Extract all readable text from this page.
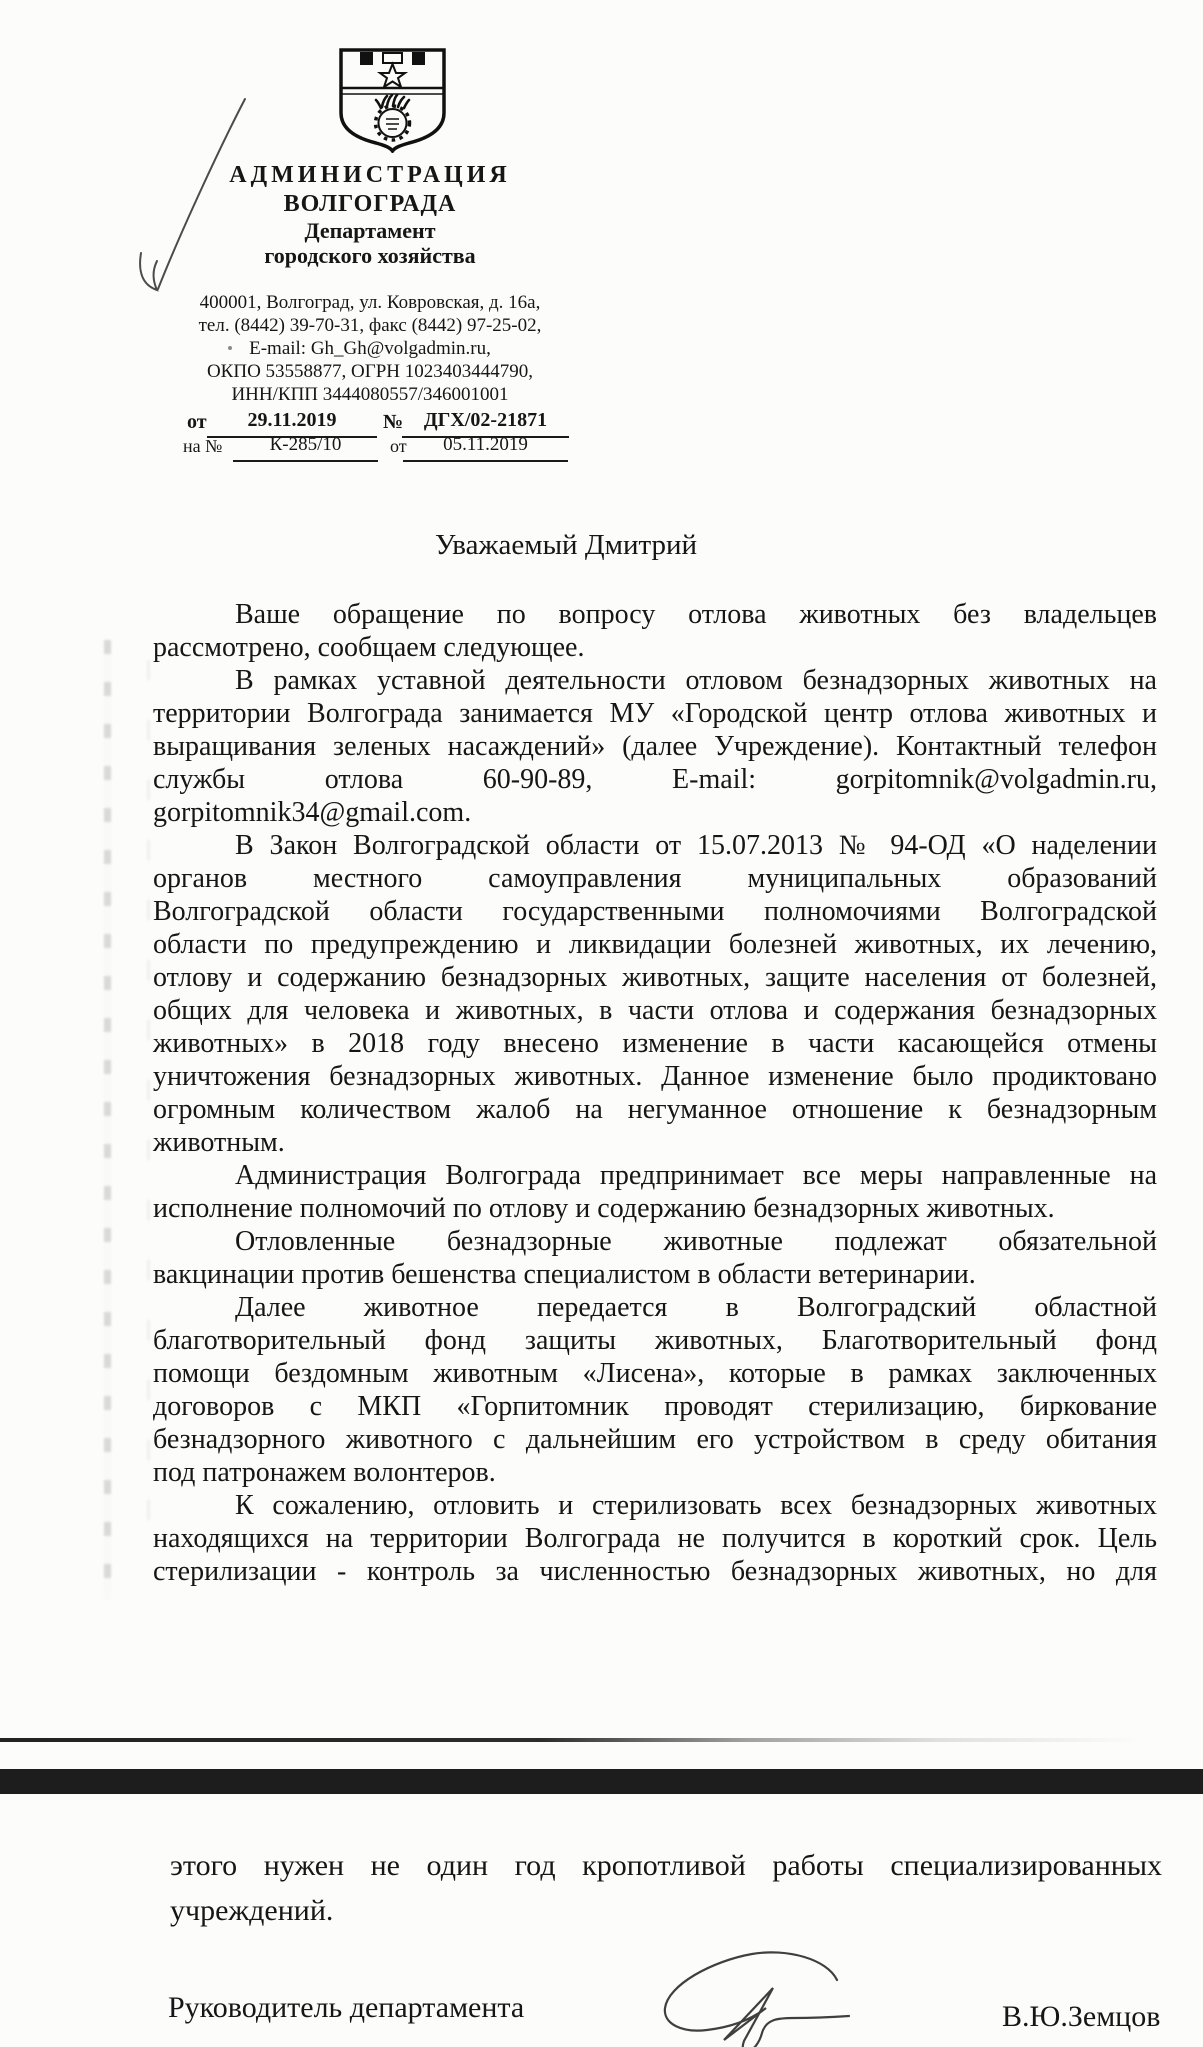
АДМИНИСТРАЦИЯ
ВОЛГОГРАДА
Департамент
городского хозяйства
400001, Волгоград, ул. Ковровская, д. 16а,
тел. (8442) 39-70-31, факс (8442) 97-25-02,
E-mail: Gh_Gh@volgadmin.ru,
ОКПО 53558877, ОГРН 1023403444790,
ИНН/КПП 3444080557/346001001
от	29.11.2019	№	ДГХ/02-21871
на №	К-285/10	от	05.11.2019
Уважаемый Дмитрий
Ваше обращение по вопросу отлова животных без владельцев
рассмотрено, сообщаем следующее.
В рамках уставной деятельности отловом безнадзорных животных на
территории Волгограда занимается МУ «Городской центр отлова животных и
выращивания зеленых насаждений» (далее Учреждение). Контактный телефон
службы отлова 60-90-89, E-mail: gorpitomnik@volgadmin.ru,
gorpitomnik34@gmail.com.
В Закон Волгоградской области от 15.07.2013 № 94-ОД «О наделении
органов местного самоуправления муниципальных образований
Волгоградской области государственными полномочиями Волгоградской
области по предупреждению и ликвидации болезней животных, их лечению,
отлову и содержанию безнадзорных животных, защите населения от болезней,
общих для человека и животных, в части отлова и содержания безнадзорных
животных» в 2018 году внесено изменение в части касающейся отмены
уничтожения безнадзорных животных. Данное изменение было продиктовано
огромным количеством жалоб на негуманное отношение к безнадзорным
животным.
Администрация Волгограда предпринимает все меры направленные на
исполнение полномочий по отлову и содержанию безнадзорных животных.
Отловленные безнадзорные животные подлежат обязательной
вакцинации против бешенства специалистом в области ветеринарии.
Далее животное передается в Волгоградский областной
благотворительный фонд защиты животных, Благотворительный фонд
помощи бездомным животным «Лисена», которые в рамках заключенных
договоров с МКП «Горпитомник проводят стерилизацию, биркование
безнадзорного животного с дальнейшим его устройством в среду обитания
под патронажем волонтеров.
К сожалению, отловить и стерилизовать всех безнадзорных животных
находящихся на территории Волгограда не получится в короткий срок. Цель
стерилизации - контроль за численностью безнадзорных животных, но для
этого нужен не один год кропотливой работы специализированных
учреждений.
Руководитель департамента	В.Ю.Земцов
